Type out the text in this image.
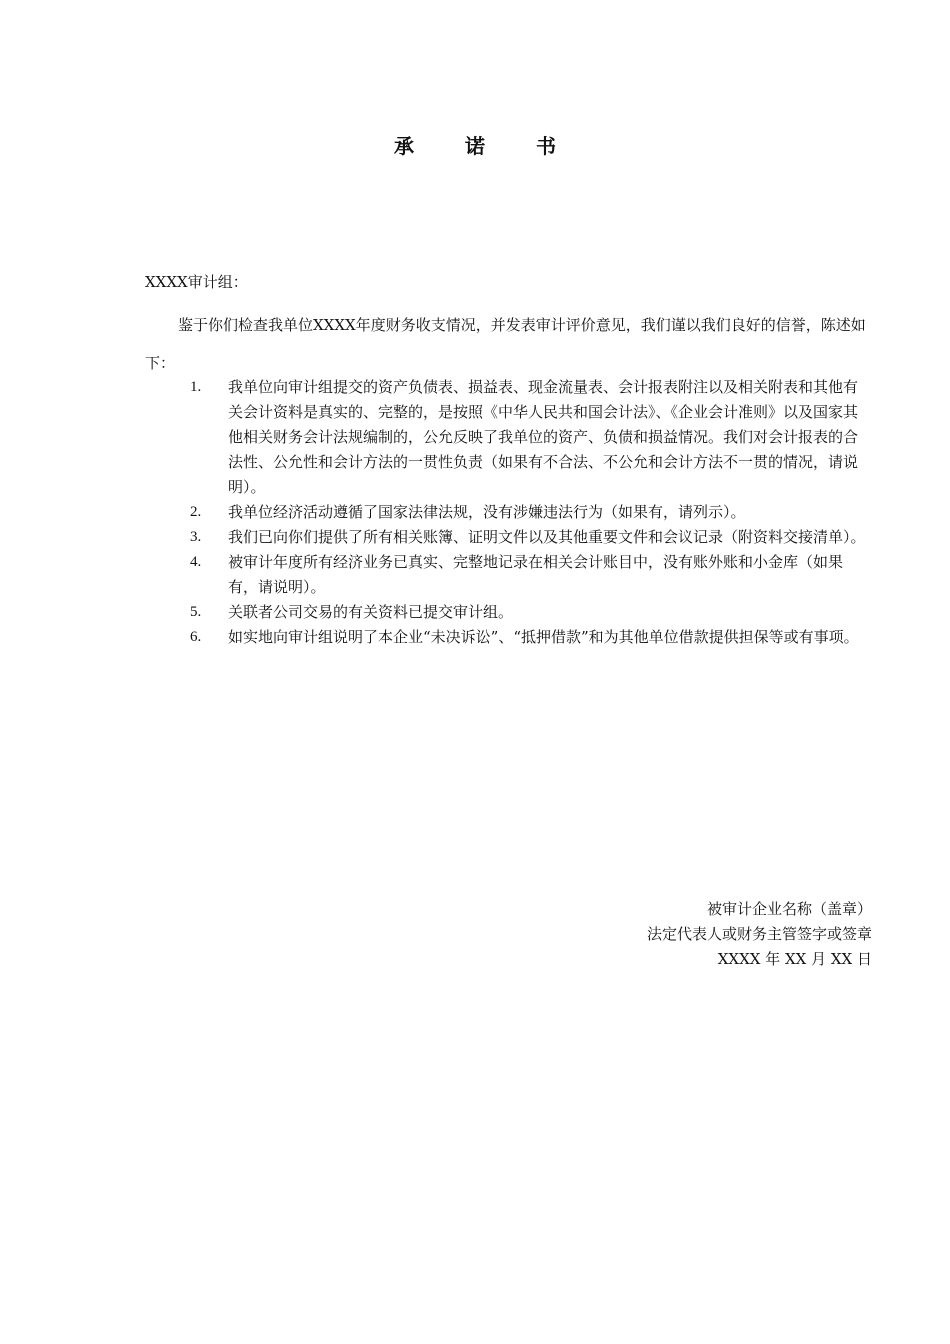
承 诺 书
XXXX审计组：
鉴于你们检查我单位XXXX年度财务收支情况，并发表审计评价意见，我们谨以我们良好的信誉，陈述如下：
1.	我单位向审计组提交的资产负债表、损益表、现金流量表、会计报表附注以及相关附表和其他有关会计资料是真实的、完整的，是按照《中华人民共和国会计法》、《企业会计准则》以及国家其他相关财务会计法规编制的，公允反映了我单位的资产、负债和损益情况。我们对会计报表的合法性、公允性和会计方法的一贯性负责（如果有不合法、不公允和会计方法不一贯的情况，请说明）。
2.	我单位经济活动遵循了国家法律法规，没有涉嫌违法行为（如果有，请列示）。
3.	我们已向你们提供了所有相关账簿、证明文件以及其他重要文件和会议记录（附资料交接清单）。
4.	被审计年度所有经济业务已真实、完整地记录在相关会计账目中，没有账外账和小金库（如果有，请说明）。
5.	关联者公司交易的有关资料已提交审计组。
6.	如实地向审计组说明了本企业“未决诉讼”、“抵押借款”和为其他单位借款提供担保等或有事项。
被审计企业名称（盖章）
法定代表人或财务主管签字或签章
XXXX 年 XX 月 XX 日
